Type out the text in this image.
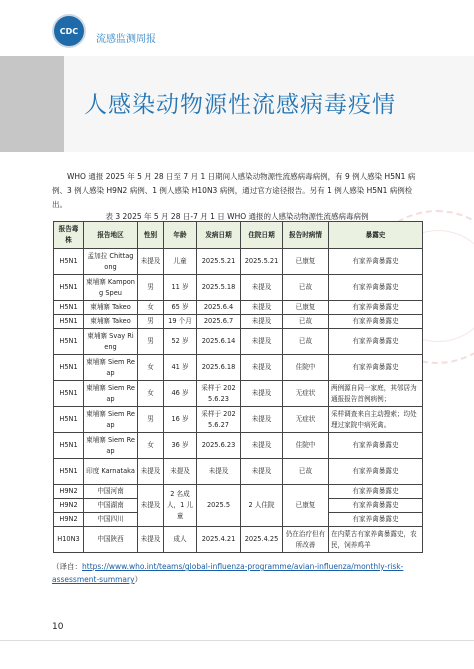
CDC
流感监测周报
人感染动物源性流感病毒疫情
WHO 通报 2025 年 5 月 28 日至 7 月 1 日期间人感染动物源性流感病毒病例，有 9 例人感染 H5N1 病例、3 例人感染 H9N2 病例、1 例人感染 H10N3 病例，通过官方途径报告。另有 1 例人感染 H5N1 病例检出。
表 3 2025 年 5 月 28 日-7 月 1 日 WHO 通报的人感染动物源性流感病毒病例
报告毒株	报告地区	性别	年龄	发病日期	住院日期	报告时病情	暴露史
H5N1	孟加拉 Chittagong	未提及	儿童	2025.5.21	2025.5.21	已康复	有家养禽暴露史
H5N1	柬埔寨 Kampong Speu	男	11 岁	2025.5.18	未提及	已故	有家养禽暴露史
H5N1	柬埔寨 Takeo	女	65 岁	2025.6.4	未提及	已康复	有家养禽暴露史
H5N1	柬埔寨 Takeo	男	19 个月	2025.6.7	未提及	已故	有家养禽暴露史
H5N1	柬埔寨 Svay Rieng	男	52 岁	2025.6.14	未提及	已故	有家养禽暴露史
H5N1	柬埔寨 Siem Reap	女	41 岁	2025.6.18	未提及	住院中	有家养禽暴露史
H5N1	柬埔寨 Siem Reap	女	46 岁	采样于 2025.6.23	未提及	无症状	两例源自同一家庭，其邻居为通报报告首例病例；
H5N1	柬埔寨 Siem Reap	男	16 岁	采样于 2025.6.27	未提及	无症状	采样调查来自主动搜索；均处理过家院中病死禽。
H5N1	柬埔寨 Siem Reap	女	36 岁	2025.6.23	未提及	住院中	有家养禽暴露史
H5N1	印度 Karnataka	未提及	未提及	未提及	未提及	已故	有家养禽暴露史
H9N2	中国河南	未提及	2 名成人，1 儿童	2025.5	2 人住院	已康复	有家养禽暴露史
H9N2	中国湖南						有家养禽暴露史
H9N2	中国四川						有家养禽暴露史
H10N3	中国陕西	未提及	成人	2025.4.21	2025.4.25	仍在治疗但有所改善	在内蒙古有家养禽暴露史，农民，饲养鸡羊
（译自：https://www.who.int/teams/global-influenza-programme/avian-influenza/monthly-risk-assessment-summary）
10
